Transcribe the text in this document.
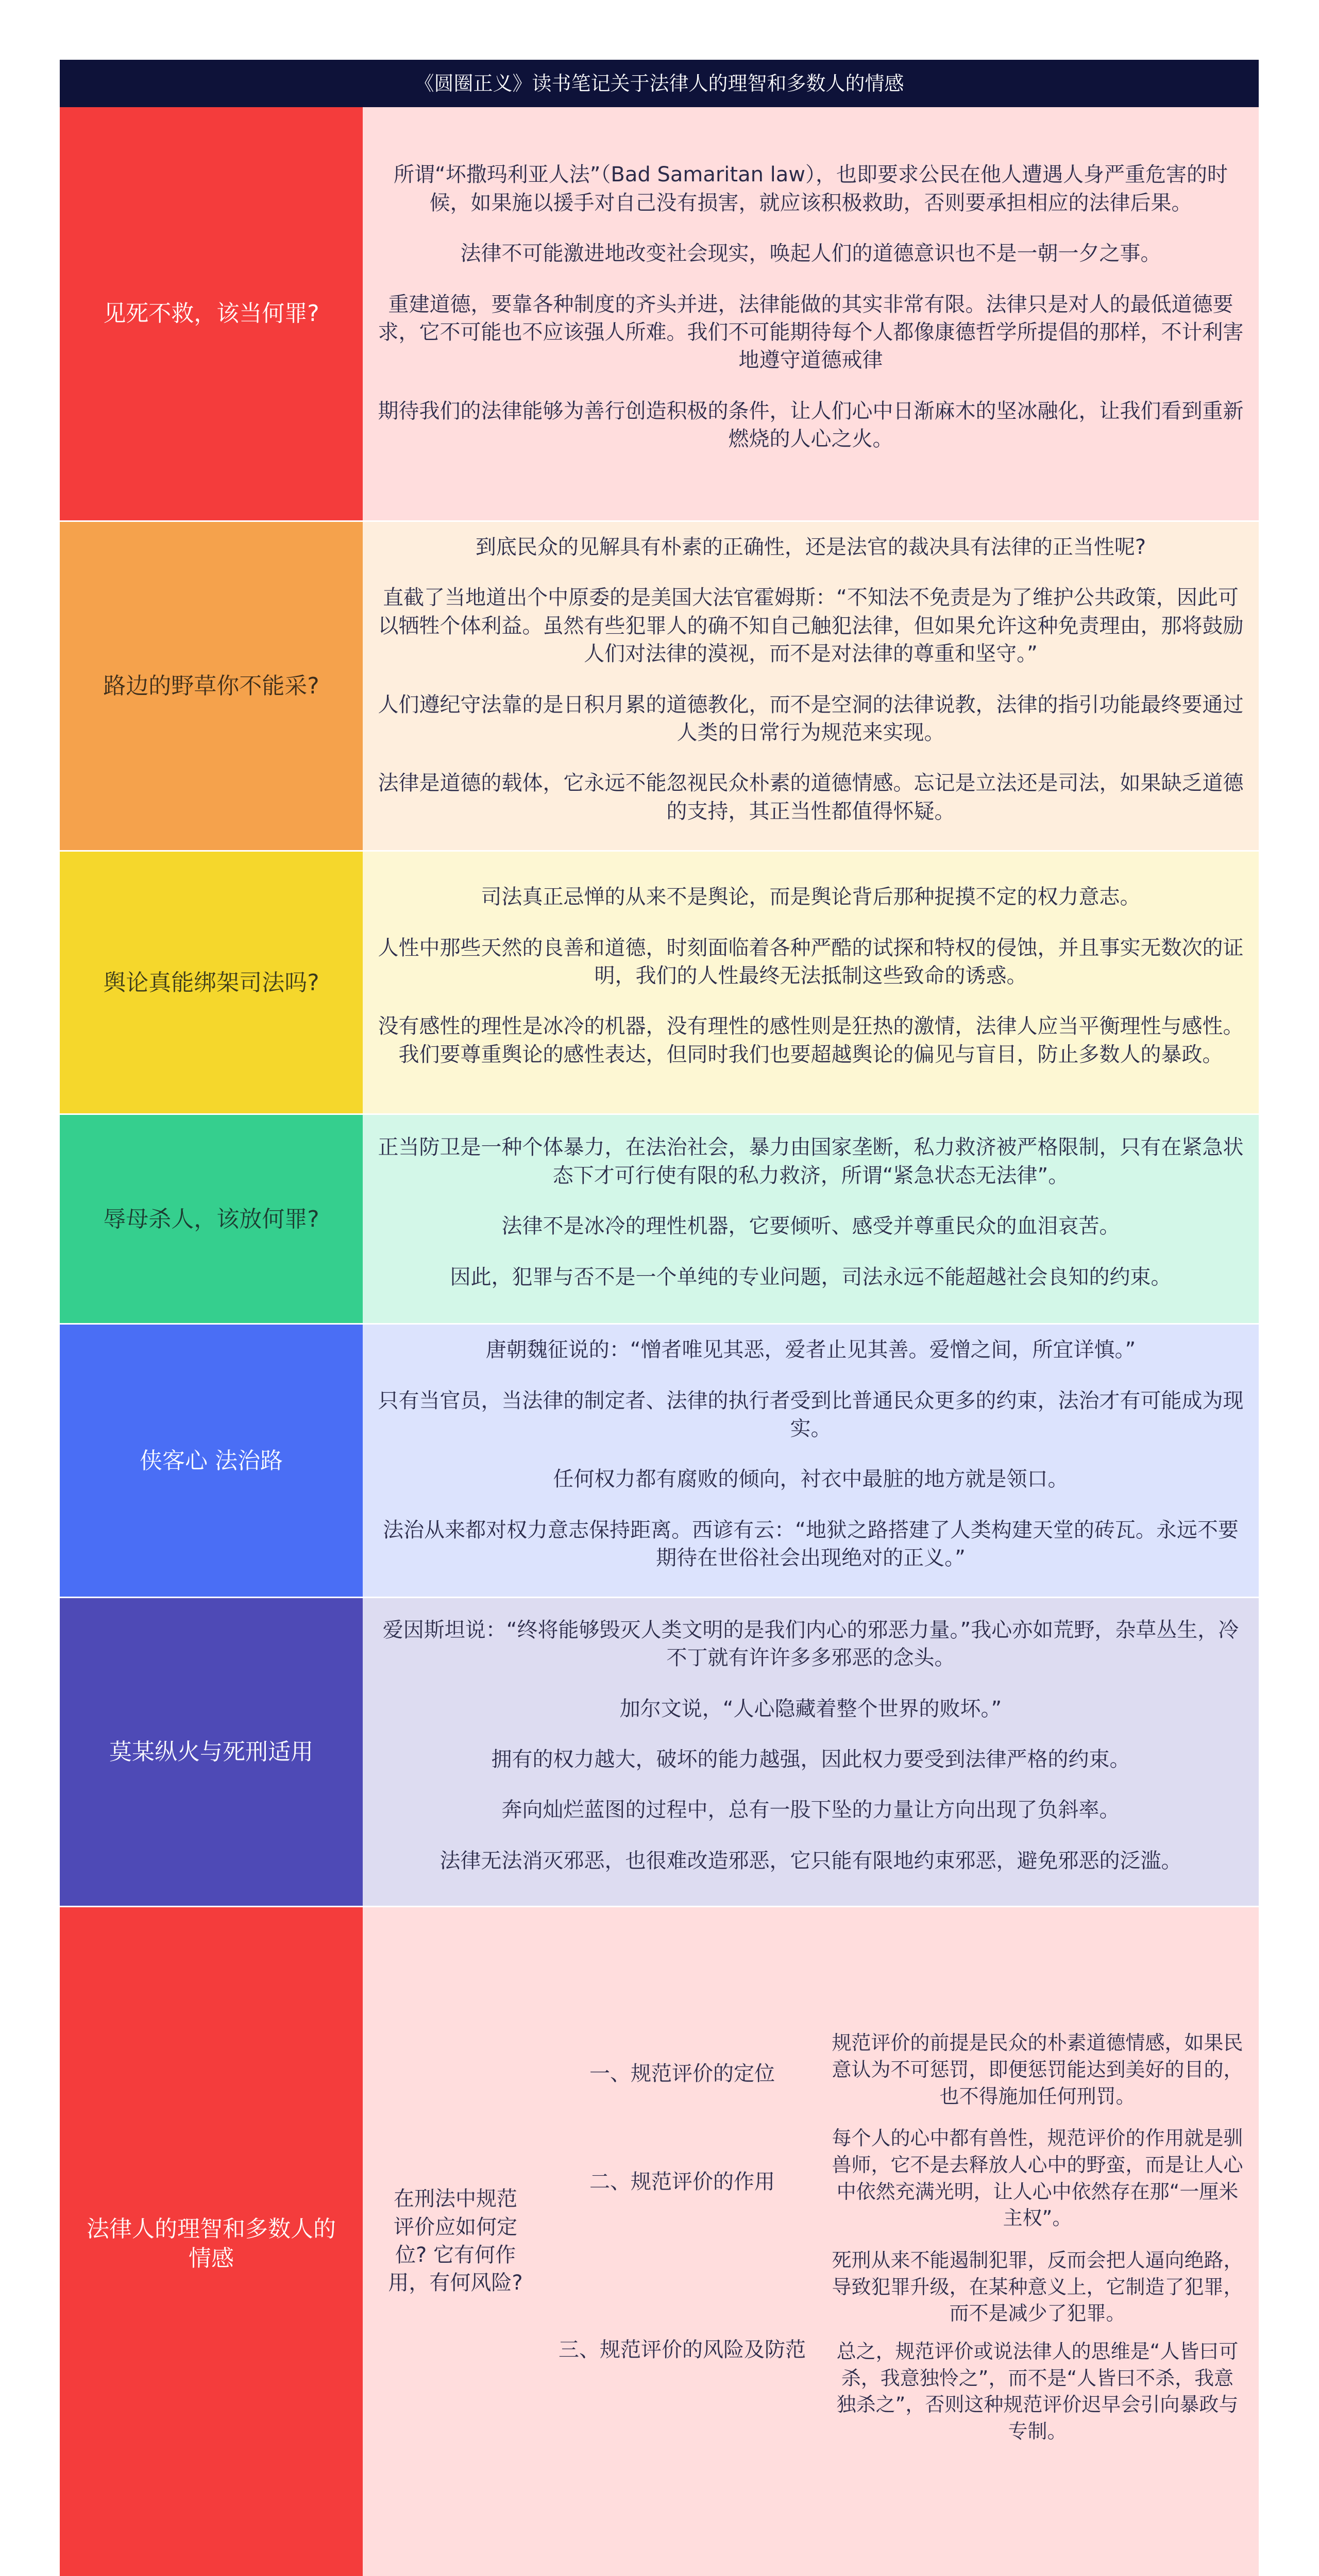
《圆圈正义》读书笔记关于法律人的理智和多数人的情感
见死不救，该当何罪?
所谓“坏撒玛利亚人法”（Bad Samaritan law），也即要求公民在他人遭遇人身严重危害的时候，如果施以援手对自己没有损害，就应该积极救助，否则要承担相应的法律后果。
法律不可能激进地改变社会现实，唤起人们的道德意识也不是一朝一夕之事。
重建道德，要靠各种制度的齐头并进，法律能做的其实非常有限。法律只是对人的最低道德要求，它不可能也不应该强人所难。我们不可能期待每个人都像康德哲学所提倡的那样，不计利害地遵守道德戒律
期待我们的法律能够为善行创造积极的条件，让人们心中日渐麻木的坚冰融化，让我们看到重新燃烧的人心之火。
路边的野草你不能采?
到底民众的见解具有朴素的正确性，还是法官的裁决具有法律的正当性呢?
直截了当地道出个中原委的是美国大法官霍姆斯：“不知法不免责是为了维护公共政策，因此可以牺牲个体利益。虽然有些犯罪人的确不知自己触犯法律，但如果允许这种免责理由，那将鼓励人们对法律的漠视，而不是对法律的尊重和坚守。”
人们遵纪守法靠的是日积月累的道德教化，而不是空洞的法律说教，法律的指引功能最终要通过人类的日常行为规范来实现。
法律是道德的载体，它永远不能忽视民众朴素的道德情感。忘记是立法还是司法，如果缺乏道德的支持，其正当性都值得怀疑。
舆论真能绑架司法吗?
司法真正忌惮的从来不是舆论，而是舆论背后那种捉摸不定的权力意志。
人性中那些天然的良善和道德，时刻面临着各种严酷的试探和特权的侵蚀，并且事实无数次的证明，我们的人性最终无法抵制这些致命的诱惑。
没有感性的理性是冰冷的机器，没有理性的感性则是狂热的激情，法律人应当平衡理性与感性。我们要尊重舆论的感性表达，但同时我们也要超越舆论的偏见与盲目，防止多数人的暴政。
辱母杀人，该放何罪?
正当防卫是一种个体暴力，在法治社会，暴力由国家垄断，私力救济被严格限制，只有在紧急状态下才可行使有限的私力救济，所谓“紧急状态无法律”。
法律不是冰冷的理性机器，它要倾听、感受并尊重民众的血泪哀苦。
因此，犯罪与否不是一个单纯的专业问题，司法永远不能超越社会良知的约束。
侠客心 法治路
唐朝魏征说的：“憎者唯见其恶，爱者止见其善。爱憎之间，所宜详慎。”
只有当官员，当法律的制定者、法律的执行者受到比普通民众更多的约束，法治才有可能成为现实。
任何权力都有腐败的倾向，衬衣中最脏的地方就是领口。
法治从来都对权力意志保持距离。西谚有云：“地狱之路搭建了人类构建天堂的砖瓦。永远不要期待在世俗社会出现绝对的正义。”
莫某纵火与死刑适用
爱因斯坦说：“终将能够毁灭人类文明的是我们内心的邪恶力量。”我心亦如荒野，杂草丛生，冷不丁就有许许多多邪恶的念头。
加尔文说，“人心隐藏着整个世界的败坏。”
拥有的权力越大，破坏的能力越强，因此权力要受到法律严格的约束。
奔向灿烂蓝图的过程中，总有一股下坠的力量让方向出现了负斜率。
法律无法消灭邪恶，也很难改造邪恶，它只能有限地约束邪恶，避免邪恶的泛滥。
法律人的理智和多数人的情感
在刑法中规范评价应如何定位? 它有何作用，有何风险?
一、规范评价的定位
规范评价的前提是民众的朴素道德情感，如果民意认为不可惩罚，即便惩罚能达到美好的目的，也不得施加任何刑罚。
二、规范评价的作用
每个人的心中都有兽性，规范评价的作用就是驯兽师，它不是去释放人心中的野蛮，而是让人心中依然充满光明，让人心中依然存在那“一厘米主权”。
三、规范评价的风险及防范
死刑从来不能遏制犯罪，反而会把人逼向绝路，导致犯罪升级，在某种意义上，它制造了犯罪，而不是减少了犯罪。
总之，规范评价或说法律人的思维是“人皆曰可杀，我意独怜之”，而不是“人皆曰不杀，我意独杀之”，否则这种规范评价迟早会引向暴政与专制。
